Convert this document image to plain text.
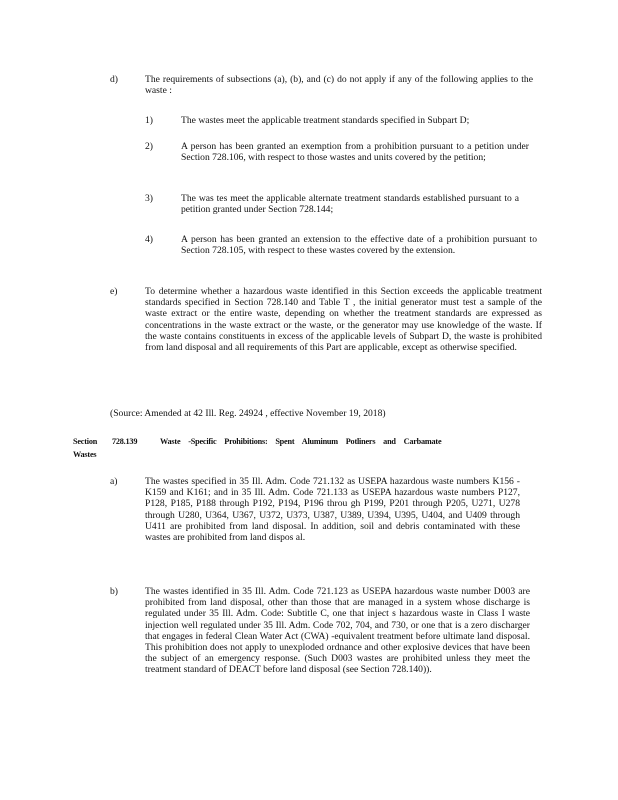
d)	The requirements of subsections (a), (b), and (c) do not apply if any of the following applies to the waste :
1)	The wastes meet the applicable treatment standards specified in Subpart D;
2)	A person has been granted an exemption from a prohibition pursuant to a petition under Section 728.106, with respect to those wastes and units covered by the petition;
3)	The was tes meet the applicable alternate treatment standards established pursuant to a petition granted under Section 728.144;
4)	A person has been granted an extension to the effective date of a prohibition pursuant to Section 728.105, with respect to these wastes covered by the extension.
e)	To determine whether a hazardous waste identified in this Section exceeds the applicable treatment standards specified in Section 728.140 and Table T , the initial generator must test a sample of the waste extract or the entire waste, depending on whether the treatment standards are expressed as concentrations in the waste extract or the waste, or the generator may use knowledge of the waste. If the waste contains constituents in excess of the applicable levels of Subpart D, the waste is prohibited from land disposal and all requirements of this Part are applicable, except as otherwise specified.
(Source: Amended at 42 Ill. Reg. 24924 , effective November 19, 2018)
Section 728.139	Waste -Specific Prohibitions: Spent Aluminum Potliners and Carbamate
Wastes
a)	The wastes specified in 35 Ill. Adm. Code 721.132 as USEPA hazardous waste numbers K156 -K159 and K161; and in 35 Ill. Adm. Code 721.133 as USEPA hazardous waste numbers P127, P128, P185, P188 through P192, P194, P196 throu gh P199, P201 through P205, U271, U278 through U280, U364, U367, U372, U373, U387, U389, U394, U395, U404, and U409 through U411 are prohibited from land disposal. In addition, soil and debris contaminated with these wastes are prohibited from land dispos al.
b)	The wastes identified in 35 Ill. Adm. Code 721.123 as USEPA hazardous waste number D003 are prohibited from land disposal, other than those that are managed in a system whose discharge is regulated under 35 Ill. Adm. Code: Subtitle C, one that inject s hazardous waste in Class I waste injection well regulated under 35 Ill. Adm. Code 702, 704, and 730, or one that is a zero discharger that engages in federal Clean Water Act (CWA) -equivalent treatment before ultimate land disposal. This prohibition does not apply to unexploded ordnance and other explosive devices that have been the subject of an emergency response. (Such D003 wastes are prohibited unless they meet the treatment standard of DEACT before land disposal (see Section 728.140)).
